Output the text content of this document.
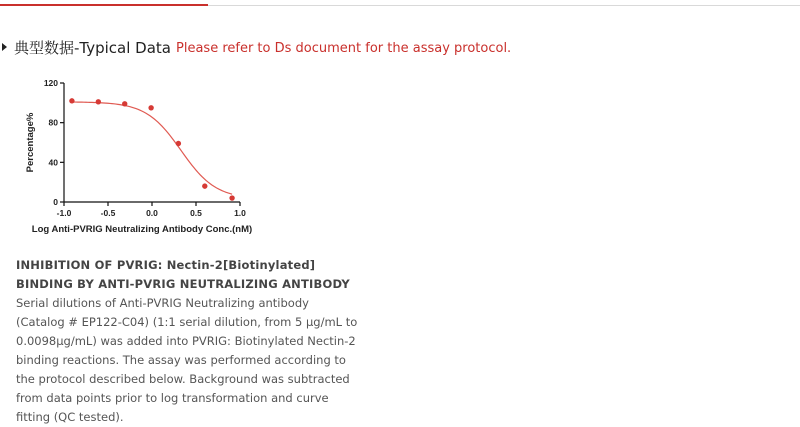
典型数据-Typical Data Please refer to Ds document for the assay protocol.
0
40
80
120
-1.0	-0.5	0.0	0.5	1.0
Percentage%
Log Anti-PVRIG Neutralizing Antibody Conc.(nM)
INHIBITION OF PVRIG: Nectin-2[Biotinylated] BINDING BY ANTI-PVRIG NEUTRALIZING ANTIBODY
Serial dilutions of Anti-PVRIG Neutralizing antibody (Catalog # EP122-C04) (1:1 serial dilution, from 5 μg/mL to 0.0098μg/mL) was added into PVRIG: Biotinylated Nectin-2 binding reactions. The assay was performed according to the protocol described below. Background was subtracted from data points prior to log transformation and curve fitting (QC tested).
